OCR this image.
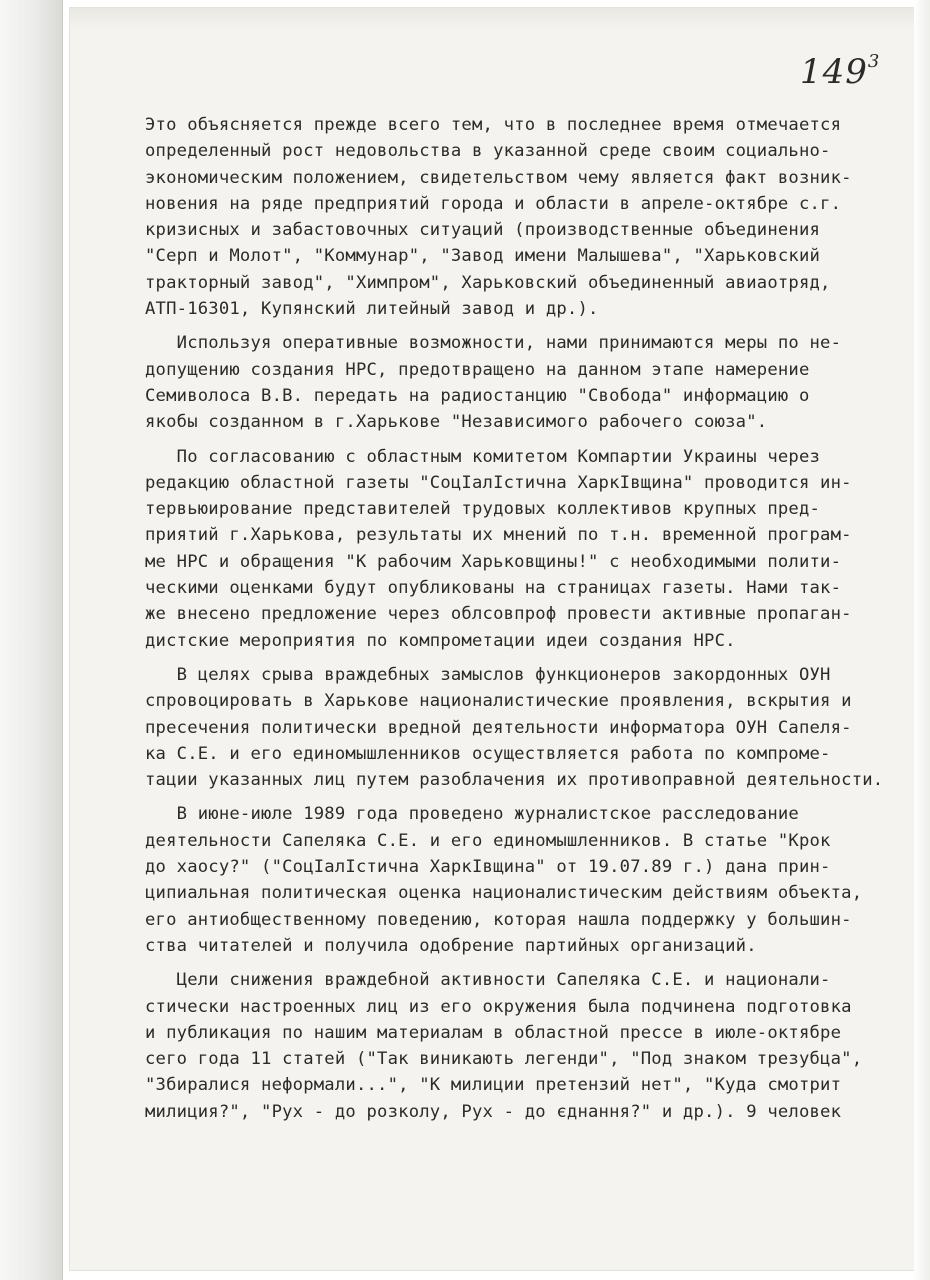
$149^3$
Это объясняется прежде всего тем, что в последнее время отмечается
определенный рост недовольства в указанной среде своим социально-
экономическим положением, свидетельством чему является факт возник-
новения на ряде предприятий города и области в апреле-октябре с.г.
кризисных и забастовочных ситуаций (производственные объединения
"Серп и Молот", "Коммунар", "Завод имени Малышева", "Харьковский
тракторный завод", "Химпром", Харьковский объединенный авиаотряд,
АТП-16301, Купянский литейный завод и др.).
Используя оперативные возможности, нами принимаются меры по не-
допущению создания НРС, предотвращено на данном этапе намерение
Семиволоса В.В. передать на радиостанцию "Свобода" информацию о
якобы созданном в г.Харькове "Независимого рабочего союза".
По согласованию с областным комитетом Компартии Украины через
редакцию областной газеты "СоцIалIстична ХаркIвщина" проводится ин-
тервьюирование представителей трудовых коллективов крупных пред-
приятий г.Харькова, результаты их мнений по т.н. временной програм-
ме НРС и обращения "К рабочим Харьковщины!" с необходимыми полити-
ческими оценками будут опубликованы на страницах газеты. Нами так-
же внесено предложение через облсовпроф провести активные пропаган-
дистские мероприятия по компрометации идеи создания НРС.
В целях срыва враждебных замыслов функционеров закордонных ОУН
спровоцировать в Харькове националистические проявления, вскрытия и
пресечения политически вредной деятельности информатора ОУН Сапеля-
ка С.Е. и его единомышленников осуществляется работа по компроме-
тации указанных лиц путем разоблачения их противоправной деятельности.
В июне-июле 1989 года проведено журналистское расследование
деятельности Сапеляка С.Е. и его единомышленников. В статье "Крок
до хаосу?" ("СоцIалIстична ХаркIвщина" от 19.07.89 г.) дана прин-
ципиальная политическая оценка националистическим действиям объекта,
его антиобщественному поведению, которая нашла поддержку у большин-
ства читателей и получила одобрение партийных организаций.
Цели снижения враждебной активности Сапеляка С.Е. и национали-
стически настроенных лиц из его окружения была подчинена подготовка
и публикация по нашим материалам в областной прессе в июле-октябре
сего года 11 статей ("Так виникають легенди", "Под знаком трезубца",
"Збиралися неформали...", "К милиции претензий нет", "Куда смотрит
милиция?", "Рух - до розколу, Рух - до єднання?" и др.). 9 человек
